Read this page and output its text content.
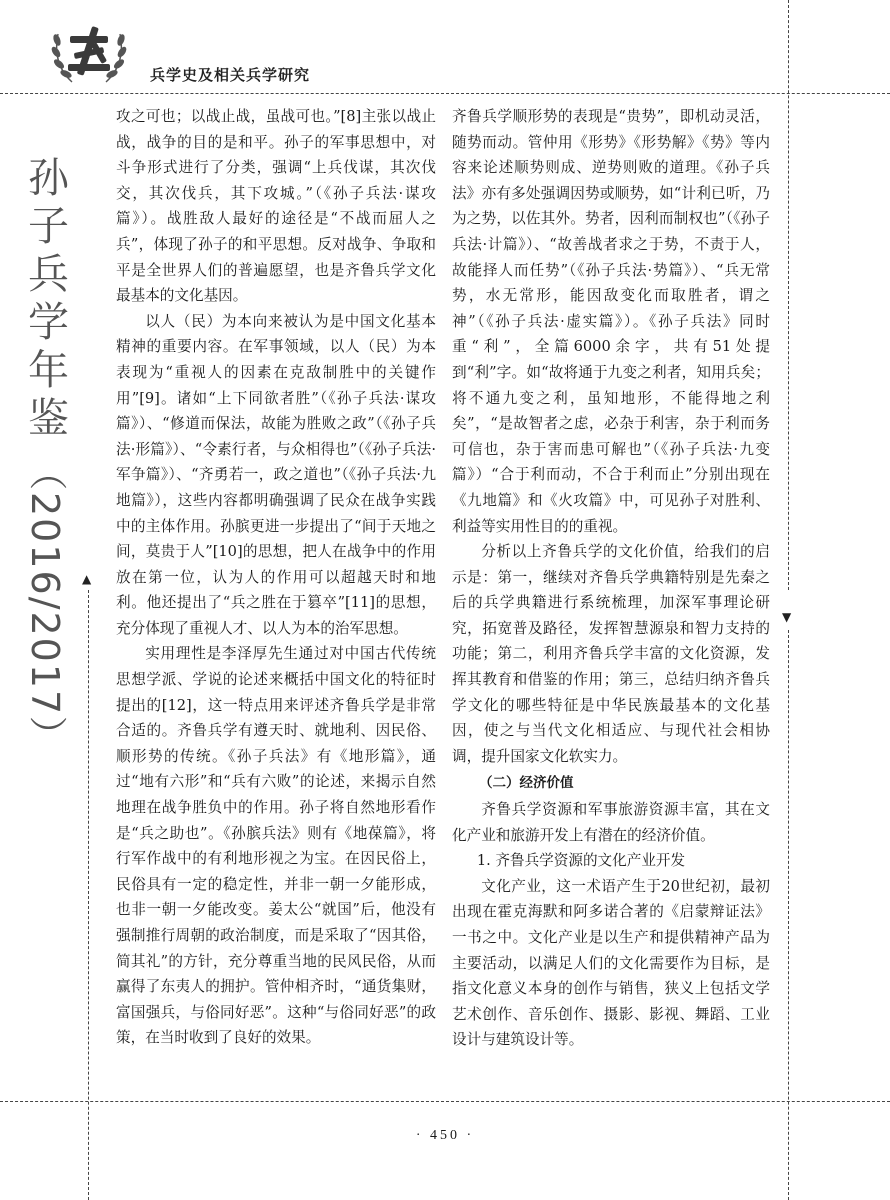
兵学史及相关兵学研究
▲
▼
孙子兵学年鉴（2016/2017）

攻之可也；以战止战，虽战可也。”[8]主张以战止战，战争的目的是和平。孙子的军事思想中，对斗争形式进行了分类，强调“上兵伐谋，其次伐交，其次伐兵，其下攻城。”（《孙子兵法·谋攻篇》）。战胜敌人最好的途径是“不战而屈人之兵”，体现了孙子的和平思想。反对战争、争取和平是全世界人们的普遍愿望，也是齐鲁兵学文化最基本的文化基因。

以人（民）为本向来被认为是中国文化基本精神的重要内容。在军事领域，以人（民）为本表现为“重视人的因素在克敌制胜中的关键作用”[9]。诸如“上下同欲者胜”（《孙子兵法·谋攻篇》）、“修道而保法，故能为胜败之政”（《孙子兵法·形篇》）、“令素行者，与众相得也”（《孙子兵法·军争篇》）、“齐勇若一，政之道也”（《孙子兵法·九地篇》），这些内容都明确强调了民众在战争实践中的主体作用。孙膑更进一步提出了“间于天地之间，莫贵于人”[10]的思想，把人在战争中的作用放在第一位，认为人的作用可以超越天时和地利。他还提出了“兵之胜在于篡卒”[11]的思想，充分体现了重视人才、以人为本的治军思想。

实用理性是李泽厚先生通过对中国古代传统思想学派、学说的论述来概括中国文化的特征时提出的[12]，这一特点用来评述齐鲁兵学是非常合适的。齐鲁兵学有遵天时、就地利、因民俗、顺形势的传统。《孙子兵法》有《地形篇》，通过“地有六形”和“兵有六败”的论述，来揭示自然地理在战争胜负中的作用。孙子将自然地形看作是“兵之助也”。《孙膑兵法》则有《地葆篇》，将行军作战中的有利地形视之为宝。在因民俗上，民俗具有一定的稳定性，并非一朝一夕能形成，也非一朝一夕能改变。姜太公“就国”后，他没有强制推行周朝的政治制度，而是采取了“因其俗，简其礼”的方针，充分尊重当地的民风民俗，从而赢得了东夷人的拥护。管仲相齐时，“通货集财，富国强兵，与俗同好恶”。这种“与俗同好恶”的政策，在当时收到了良好的效果。

齐鲁兵学顺形势的表现是“贵势”，即机动灵活，随势而动。管仲用《形势》《形势解》《势》等内容来论述顺势则成、逆势则败的道理。《孙子兵法》亦有多处强调因势或顺势，如“计利已听，乃为之势，以佐其外。势者，因利而制权也”（《孙子兵法·计篇》）、“故善战者求之于势，不责于人，故能择人而任势”（《孙子兵法·势篇》）、“兵无常势，水无常形，能因敌变化而取胜者，谓之神”（《孙子兵法·虚实篇》）。《孙子兵法》同时重“利”，全篇6000余字，共有51处提到“利”字。如“故将通于九变之利者，知用兵矣；将不通九变之利，虽知地形，不能得地之利矣”，“是故智者之虑，必杂于利害，杂于利而务可信也，杂于害而患可解也”（《孙子兵法·九变篇》）“合于利而动，不合于利而止”分别出现在《九地篇》和《火攻篇》中，可见孙子对胜利、利益等实用性目的的重视。

分析以上齐鲁兵学的文化价值，给我们的启示是：第一，继续对齐鲁兵学典籍特别是先秦之后的兵学典籍进行系统梳理，加深军事理论研究，拓宽普及路径，发挥智慧源泉和智力支持的功能；第二，利用齐鲁兵学丰富的文化资源，发挥其教育和借鉴的作用；第三，总结归纳齐鲁兵学文化的哪些特征是中华民族最基本的文化基因，使之与当代文化相适应、与现代社会相协调，提升国家文化软实力。

（二）经济价值

齐鲁兵学资源和军事旅游资源丰富，其在文化产业和旅游开发上有潜在的经济价值。

1. 齐鲁兵学资源的文化产业开发

文化产业，这一术语产生于20世纪初，最初出现在霍克海默和阿多诺合著的《启蒙辩证法》一书之中。文化产业是以生产和提供精神产品为主要活动，以满足人们的文化需要作为目标，是指文化意义本身的创作与销售，狭义上包括文学艺术创作、音乐创作、摄影、影视、舞蹈、工业设计与建筑设计等。

· 450 ·
